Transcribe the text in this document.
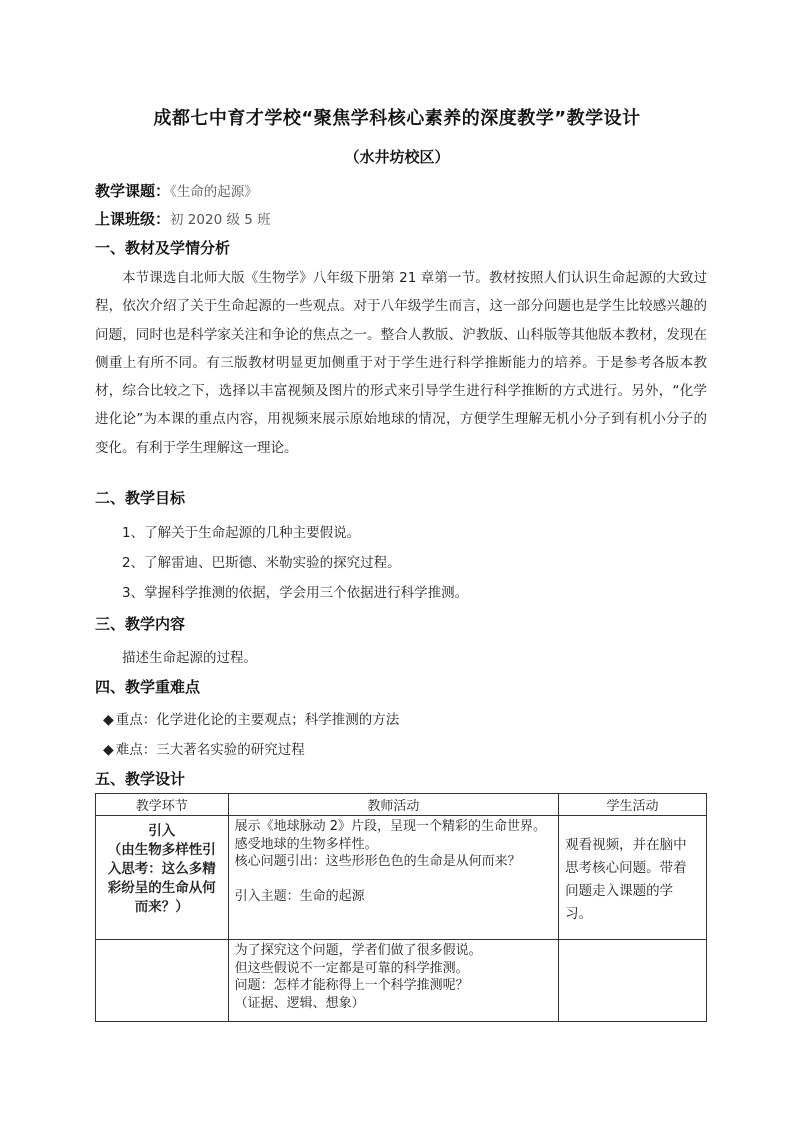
成都七中育才学校“聚焦学科核心素养的深度教学”教学设计
（水井坊校区）
教学课题：《生命的起源》
上课班级：初 2020 级 5 班
一、教材及学情分析
本节课选自北师大版《生物学》八年级下册第 21 章第一节。教材按照人们认识生命起源的大致过程，依次介绍了关于生命起源的一些观点。对于八年级学生而言，这一部分问题也是学生比较感兴趣的问题，同时也是科学家关注和争论的焦点之一。整合人教版、沪教版、山科版等其他版本教材，发现在侧重上有所不同。有三版教材明显更加侧重于对于学生进行科学推断能力的培养。于是参考各版本教材，综合比较之下，选择以丰富视频及图片的形式来引导学生进行科学推断的方式进行。另外，“化学进化论”为本课的重点内容，用视频来展示原始地球的情况，方便学生理解无机小分子到有机小分子的变化。有利于学生理解这一理论。
二、教学目标
1、了解关于生命起源的几种主要假说。
2、了解雷迪、巴斯德、米勒实验的探究过程。
3、掌握科学推测的依据，学会用三个依据进行科学推测。
三、教学内容
描述生命起源的过程。
四、教学重难点
◆ 重点：化学进化论的主要观点；科学推测的方法
◆ 难点：三大著名实验的研究过程
五、教学设计
教学环节	教师活动	学生活动

引入
（由生物多样性引入思考：这么多精彩纷呈的生命从何而来？）	展示《地球脉动 2》片段，呈现一个精彩的生命世界。
感受地球的生物多样性。
核心问题引出：这些形形色色的生命是从何而来？
引入主题：生命的起源	观看视频，并在脑中思考核心问题。带着问题走入课题的学习。

	为了探究这个问题，学者们做了很多假说。
但这些假说不一定都是可靠的科学推测。
问题：怎样才能称得上一个科学推测呢？
（证据、逻辑、想象）	
